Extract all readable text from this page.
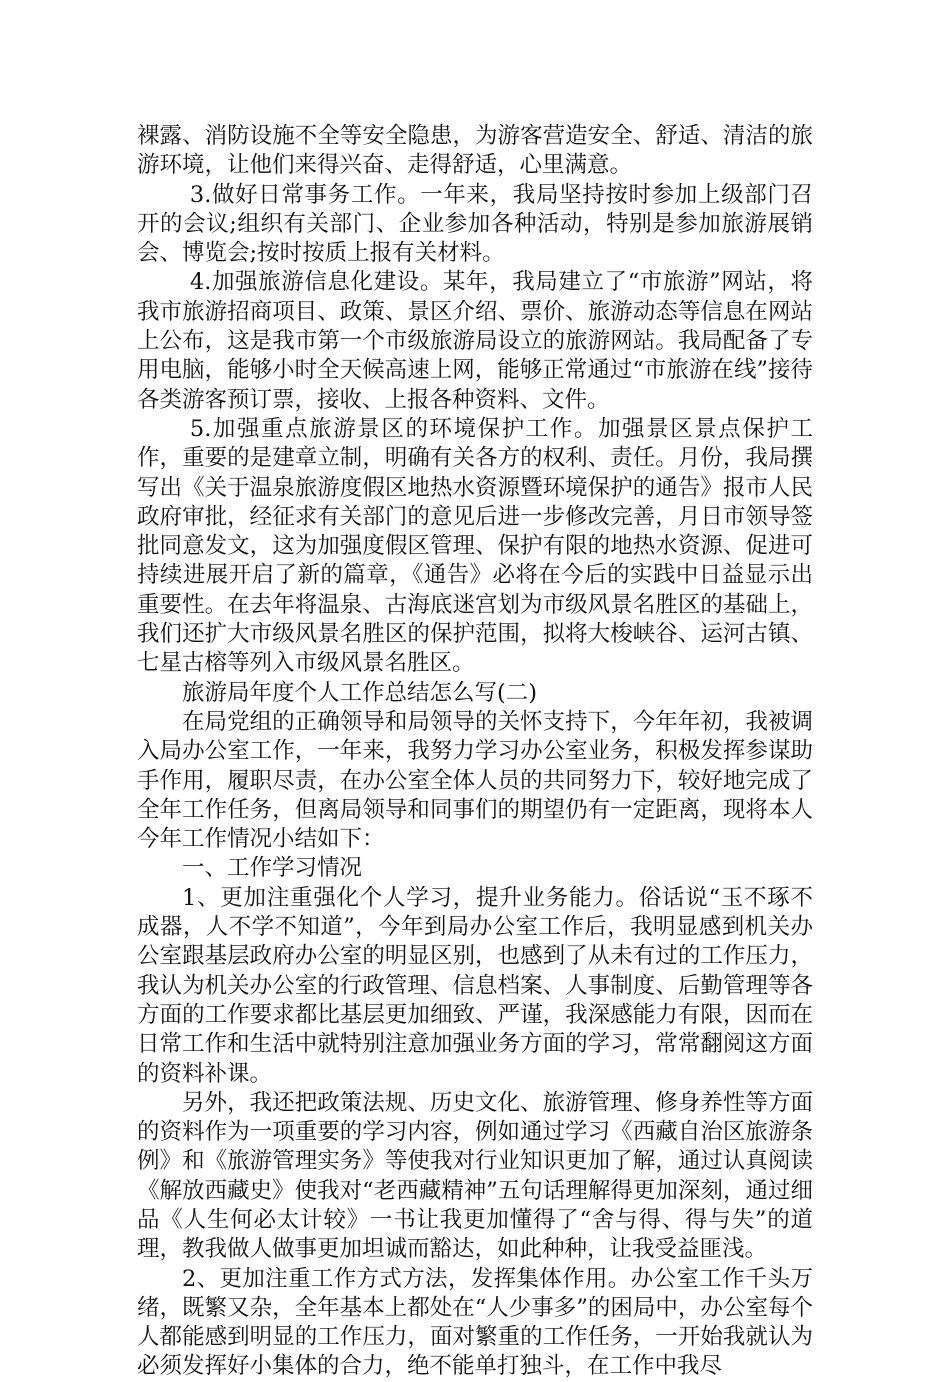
裸露、消防设施不全等安全隐患，为游客营造安全、舒适、清洁的旅游环境，让他们来得兴奋、走得舒适，心里满意。

3.做好日常事务工作。一年来，我局坚持按时参加上级部门召开的会议;组织有关部门、企业参加各种活动，特别是参加旅游展销会、博览会;按时按质上报有关材料。

4.加强旅游信息化建设。某年，我局建立了“市旅游”网站，将我市旅游招商项目、政策、景区介绍、票价、旅游动态等信息在网站上公布，这是我市第一个市级旅游局设立的旅游网站。我局配备了专用电脑，能够小时全天候高速上网，能够正常通过“市旅游在线”接待各类游客预订票，接收、上报各种资料、文件。

5.加强重点旅游景区的环境保护工作。加强景区景点保护工作，重要的是建章立制，明确有关各方的权利、责任。月份，我局撰写出《关于温泉旅游度假区地热水资源暨环境保护的通告》报市人民政府审批，经征求有关部门的意见后进一步修改完善，月日市领导签批同意发文，这为加强度假区管理、保护有限的地热水资源、促进可持续进展开启了新的篇章，《通告》必将在今后的实践中日益显示出重要性。在去年将温泉、古海底迷宫划为市级风景名胜区的基础上，我们还扩大市级风景名胜区的保护范围，拟将大梭峡谷、运河古镇、七星古榕等列入市级风景名胜区。

旅游局年度个人工作总结怎么写(二)

在局党组的正确领导和局领导的关怀支持下，今年年初，我被调入局办公室工作，一年来，我努力学习办公室业务，积极发挥参谋助手作用，履职尽责，在办公室全体人员的共同努力下，较好地完成了全年工作任务，但离局领导和同事们的期望仍有一定距离，现将本人今年工作情况小结如下：

一、工作学习情况

1、更加注重强化个人学习，提升业务能力。俗话说“玉不琢不成器，人不学不知道”，今年到局办公室工作后，我明显感到机关办公室跟基层政府办公室的明显区别，也感到了从未有过的工作压力，我认为机关办公室的行政管理、信息档案、人事制度、后勤管理等各方面的工作要求都比基层更加细致、严谨，我深感能力有限，因而在日常工作和生活中就特别注意加强业务方面的学习，常常翻阅这方面的资料补课。

另外，我还把政策法规、历史文化、旅游管理、修身养性等方面的资料作为一项重要的学习内容，例如通过学习《西藏自治区旅游条例》和《旅游管理实务》等使我对行业知识更加了解，通过认真阅读《解放西藏史》使我对“老西藏精神”五句话理解得更加深刻，通过细品《人生何必太计较》一书让我更加懂得了“舍与得、得与失”的道理，教我做人做事更加坦诚而豁达，如此种种，让我受益匪浅。

2、更加注重工作方式方法，发挥集体作用。办公室工作千头万绪，既繁又杂，全年基本上都处在“人少事多”的困局中，办公室每个人都能感到明显的工作压力，面对繁重的工作任务，一开始我就认为必须发挥好小集体的合力，绝不能单打独斗，在工作中我尽
